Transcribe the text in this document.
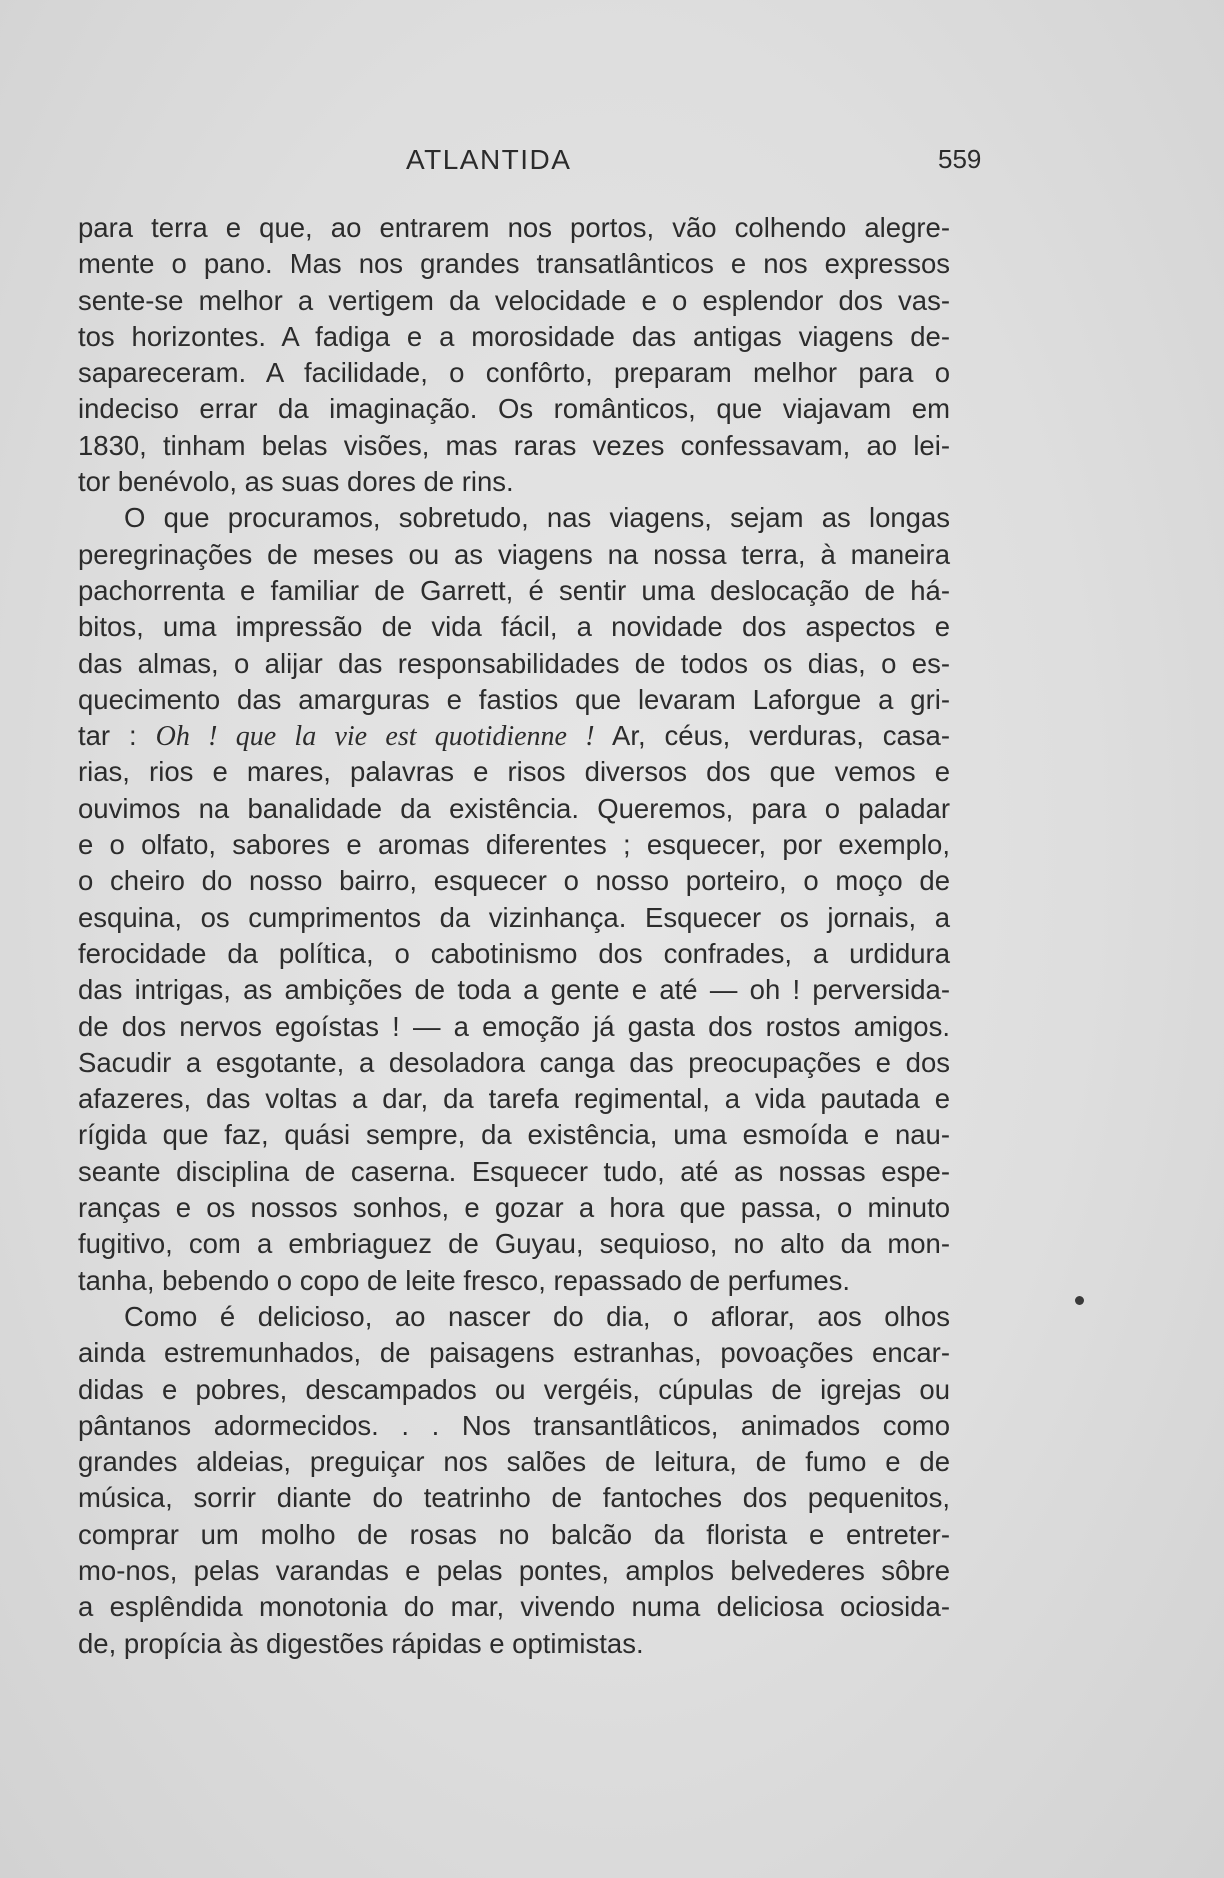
ATLANTIDA	559
para terra e que, ao entrarem nos portos, vão colhendo alegre-
mente o pano. Mas nos grandes transatlânticos e nos expressos
sente-se melhor a vertigem da velocidade e o esplendor dos vas-
tos horizontes. A fadiga e a morosidade das antigas viagens de-
sapareceram. A facilidade, o confôrto, preparam melhor para o
indeciso errar da imaginação. Os românticos, que viajavam em
1830, tinham belas visões, mas raras vezes confessavam, ao lei-
tor benévolo, as suas dores de rins.
O que procuramos, sobretudo, nas viagens, sejam as longas
peregrinações de meses ou as viagens na nossa terra, à maneira
pachorrenta e familiar de Garrett, é sentir uma deslocação de há-
bitos, uma impressão de vida fácil, a novidade dos aspectos e
das almas, o alijar das responsabilidades de todos os dias, o es-
quecimento das amarguras e fastios que levaram Laforgue a gri-
tar : Oh ! que la vie est quotidienne ! Ar, céus, verduras, casa-
rias, rios e mares, palavras e risos diversos dos que vemos e
ouvimos na banalidade da existência. Queremos, para o paladar
e o olfato, sabores e aromas diferentes ; esquecer, por exemplo,
o cheiro do nosso bairro, esquecer o nosso porteiro, o moço de
esquina, os cumprimentos da vizinhança. Esquecer os jornais, a
ferocidade da política, o cabotinismo dos confrades, a urdidura
das intrigas, as ambições de toda a gente e até — oh ! perversida-
de dos nervos egoístas ! — a emoção já gasta dos rostos amigos.
Sacudir a esgotante, a desoladora canga das preocupações e dos
afazeres, das voltas a dar, da tarefa regimental, a vida pautada e
rígida que faz, quási sempre, da existência, uma esmoída e nau-
seante disciplina de caserna. Esquecer tudo, até as nossas espe-
ranças e os nossos sonhos, e gozar a hora que passa, o minuto
fugitivo, com a embriaguez de Guyau, sequioso, no alto da mon-
tanha, bebendo o copo de leite fresco, repassado de perfumes.
Como é delicioso, ao nascer do dia, o aflorar, aos olhos
ainda estremunhados, de paisagens estranhas, povoações encar-
didas e pobres, descampados ou vergéis, cúpulas de igrejas ou
pântanos adormecidos. . . Nos transantlâticos, animados como
grandes aldeias, preguiçar nos salões de leitura, de fumo e de
música, sorrir diante do teatrinho de fantoches dos pequenitos,
comprar um molho de rosas no balcão da florista e entreter-
mo-nos, pelas varandas e pelas pontes, amplos belvederes sôbre
a esplêndida monotonia do mar, vivendo numa deliciosa ociosida-
de, propícia às digestões rápidas e optimistas.
